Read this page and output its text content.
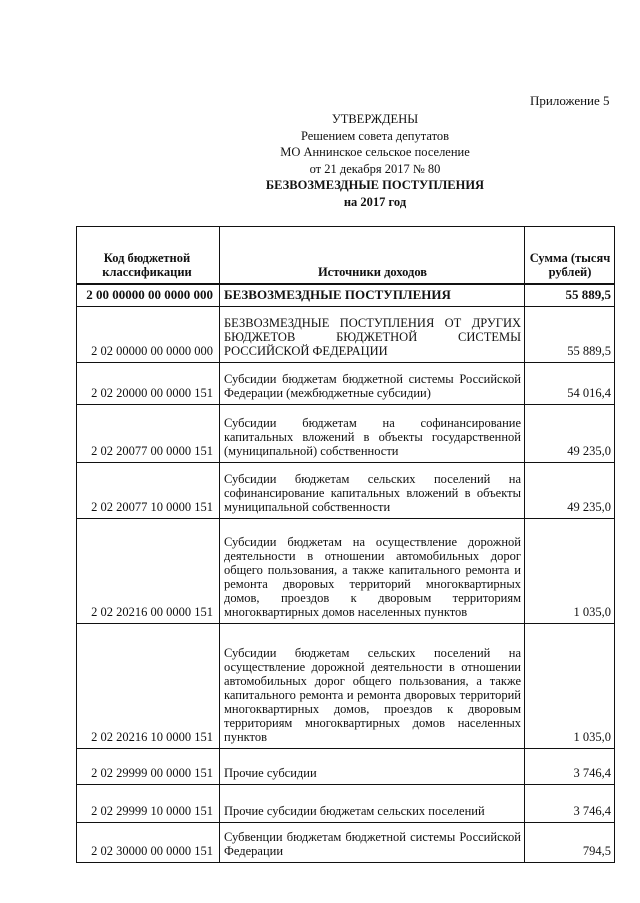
Приложение 5
УТВЕРЖДЕНЫ
Решением совета депутатов
МО Аннинское сельское поселение
от 21 декабря 2017 № 80
БЕЗВОЗМЕЗДНЫЕ ПОСТУПЛЕНИЯ
на 2017 год
Код бюджетной классификации	Источники доходов	Сумма (тысяч рублей)
2 00 00000 00 0000 000	БЕЗВОЗМЕЗДНЫЕ ПОСТУПЛЕНИЯ	55 889,5
2 02 00000 00 0000 000	БЕЗВОЗМЕЗДНЫЕ ПОСТУПЛЕНИЯ ОТ ДРУГИХ БЮДЖЕТОВ БЮДЖЕТНОЙ СИСТЕМЫ РОССИЙСКОЙ ФЕДЕРАЦИИ	55 889,5
2 02 20000 00 0000 151	Субсидии бюджетам бюджетной системы Российской Федерации (межбюджетные субсидии)	54 016,4
2 02 20077 00 0000 151	Субсидии бюджетам на софинансирование капитальных вложений в объекты государственной (муниципальной) собственности	49 235,0
2 02 20077 10 0000 151	Субсидии бюджетам сельских поселений на софинансирование капитальных вложений в объекты муниципальной собственности	49 235,0
2 02 20216 00 0000 151	Субсидии бюджетам на осуществление дорожной деятельности в отношении автомобильных дорог общего пользования, а также капитального ремонта и ремонта дворовых территорий многоквартирных домов, проездов к дворовым территориям многоквартирных домов населенных пунктов	1 035,0
2 02 20216 10 0000 151	Субсидии бюджетам сельских поселений на осуществление дорожной деятельности в отношении автомобильных дорог общего пользования, а также капитального ремонта и ремонта дворовых территорий многоквартирных домов, проездов к дворовым территориям многоквартирных домов населенных пунктов	1 035,0
2 02 29999 00 0000 151	Прочие субсидии	3 746,4
2 02 29999 10 0000 151	Прочие субсидии бюджетам сельских поселений	3 746,4
2 02 30000 00 0000 151	Субвенции бюджетам бюджетной системы Российской Федерации	794,5
